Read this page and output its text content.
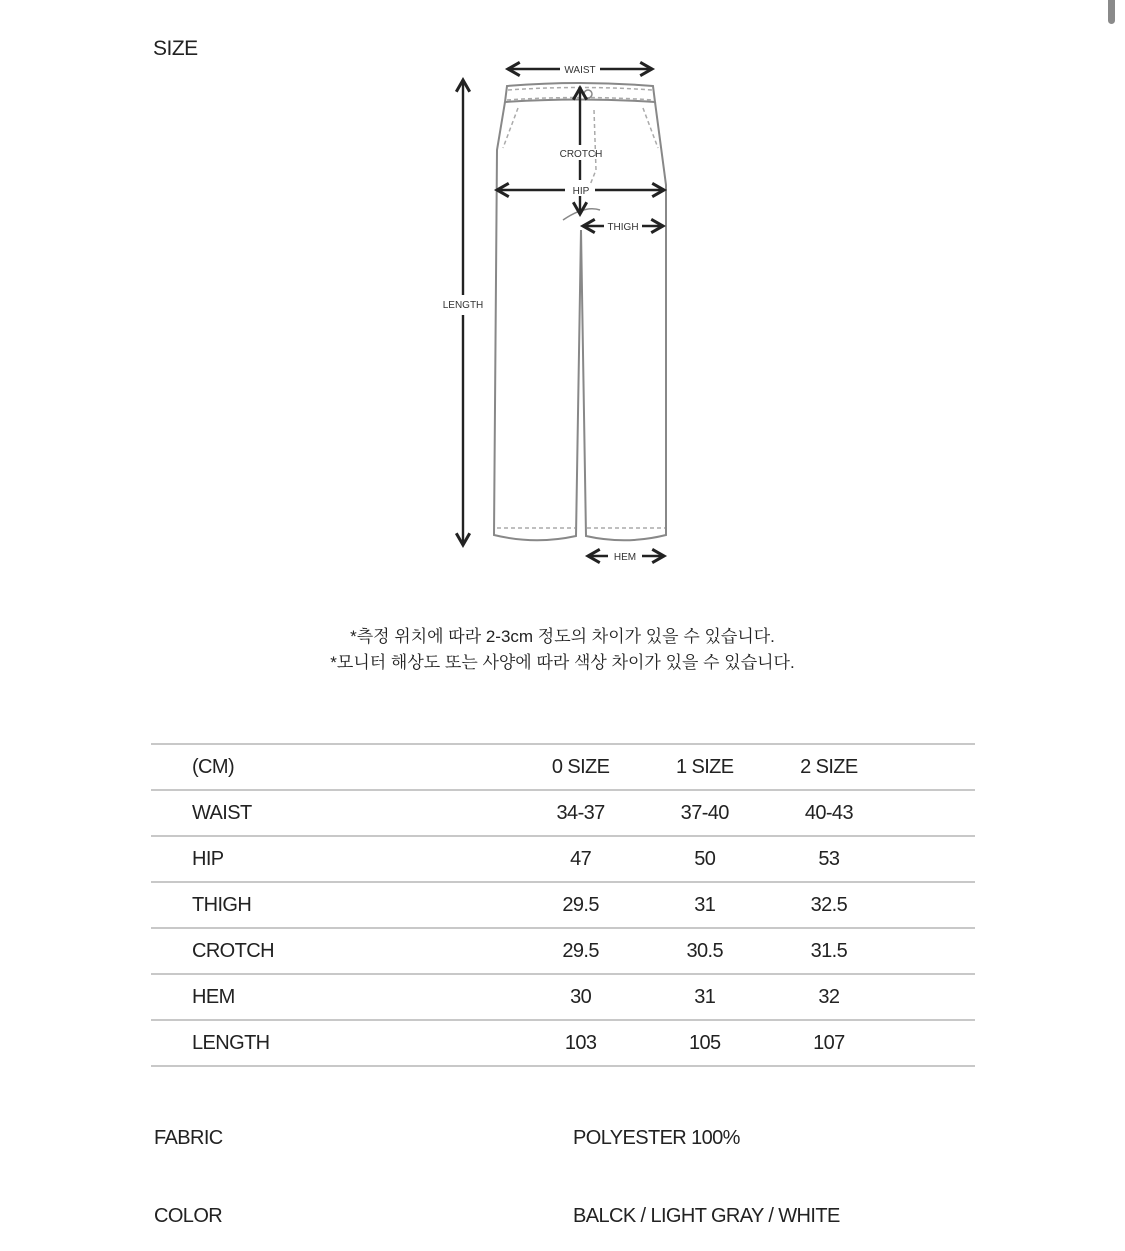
SIZE
WAIST
CROTCH
HIP
THIGH
LENGTH
HEM
*측정 위치에 따라 2-3cm 정도의 차이가 있을 수 있습니다.
*모니터 해상도 또는 사양에 따라 색상 차이가 있을 수 있습니다.
(CM)	0 SIZE	1 SIZE	2 SIZE	
WAIST	34-37	37-40	40-43	
HIP	47	50	53	
THIGH	29.5	31	32.5	
CROTCH	29.5	30.5	31.5	
HEM	30	31	32	
LENGTH	103	105	107	
FABRIC	POLYESTER 100%
COLOR	BALCK / LIGHT GRAY / WHITE
